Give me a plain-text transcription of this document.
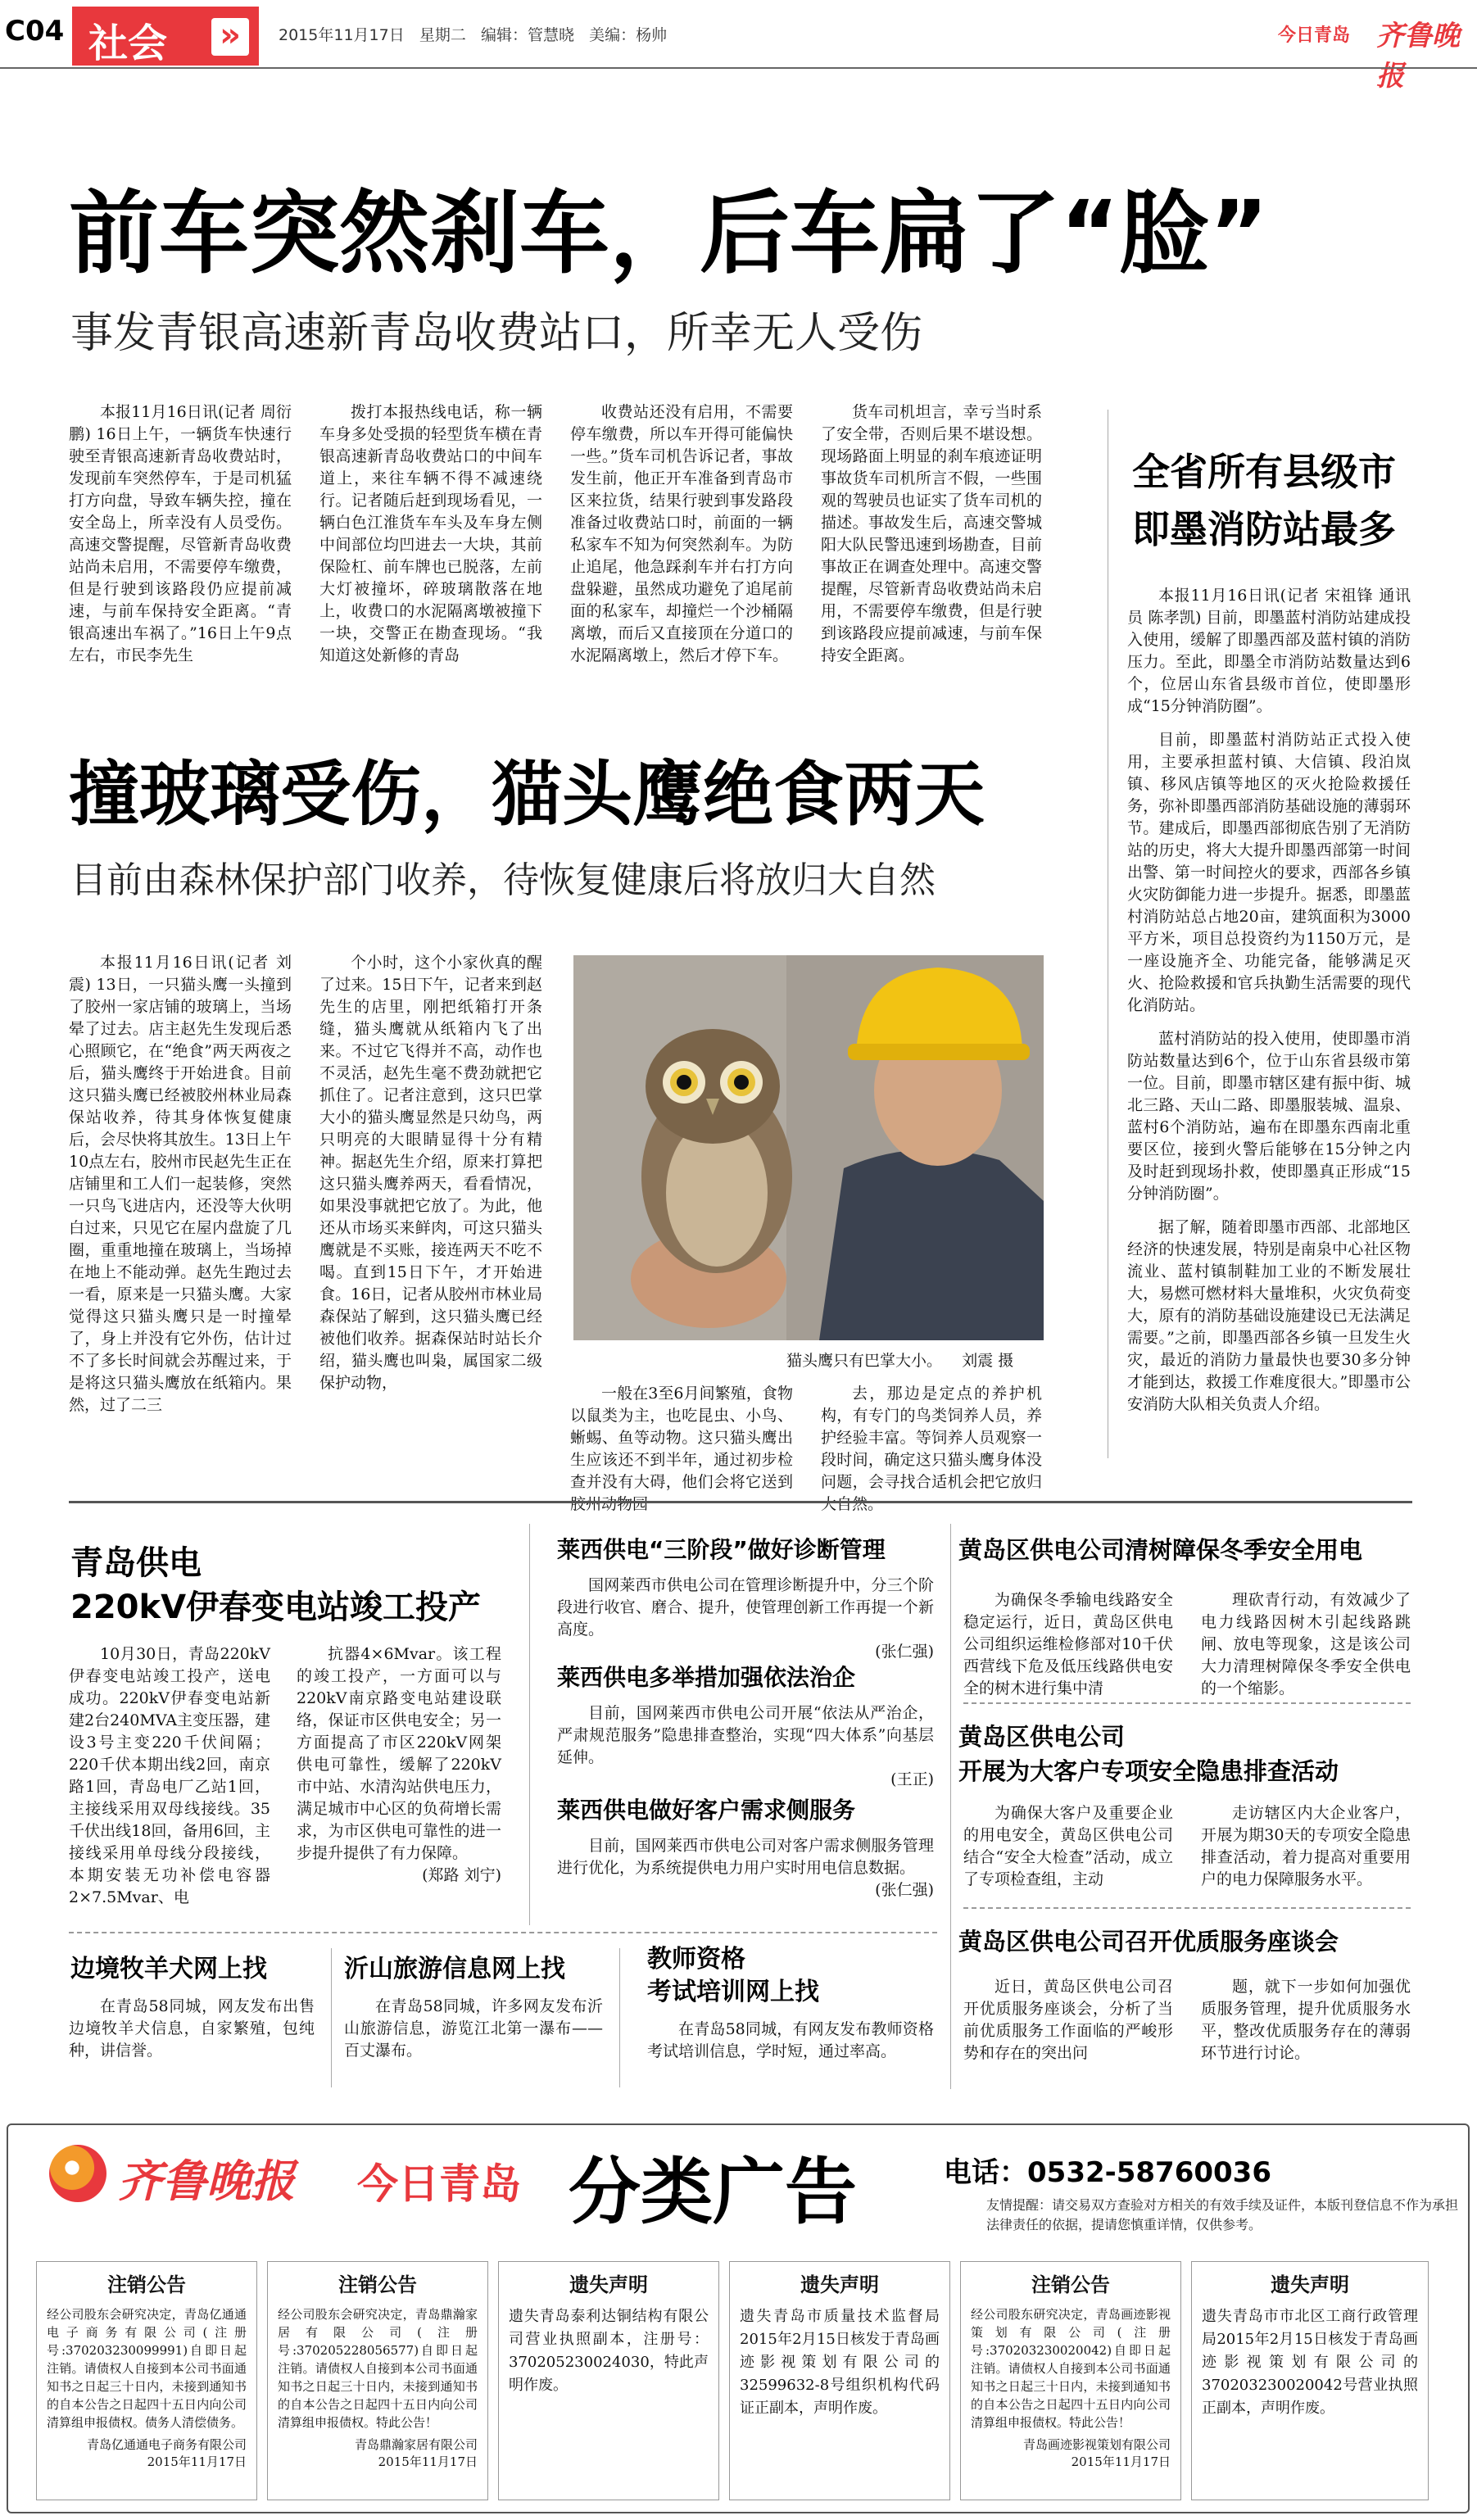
C04 社会 »	2015年11月17日 星期二 编辑：管慧晓 美编：杨帅	今日青岛 齐鲁晚报
前车突然刹车，后车扁了“脸”
事发青银高速新青岛收费站口，所幸无人受伤
本报11月16日讯(记者 周衍鹏) 16日上午，一辆货车快速行驶至青银高速新青岛收费站时，发现前车突然停车，于是司机猛打方向盘，导致车辆失控，撞在安全岛上，所幸没有人员受伤。高速交警提醒，尽管新青岛收费站尚未启用，不需要停车缴费，但是行驶到该路段仍应提前减速，与前车保持安全距离。“青银高速出车祸了。”16日上午9点左右，市民李先生
拨打本报热线电话，称一辆车身多处受损的轻型货车横在青银高速新青岛收费站口的中间车道上，来往车辆不得不减速绕行。记者随后赶到现场看见，一辆白色江淮货车车头及车身左侧中间部位均凹进去一大块，其前保险杠、前车牌也已脱落，左前大灯被撞坏，碎玻璃散落在地上，收费口的水泥隔离墩被撞下一块，交警正在勘查现场。“我知道这处新修的青岛
收费站还没有启用，不需要停车缴费，所以车开得可能偏快一些。”货车司机告诉记者，事故发生前，他正开车准备到青岛市区来拉货，结果行驶到事发路段准备过收费站口时，前面的一辆私家车不知为何突然刹车。为防止追尾，他急踩刹车并右打方向盘躲避，虽然成功避免了追尾前面的私家车，却撞烂一个沙桶隔离墩，而后又直接顶在分道口的水泥隔离墩上，然后才停下车。
货车司机坦言，幸亏当时系了安全带，否则后果不堪设想。现场路面上明显的刹车痕迹证明事故货车司机所言不假，一些围观的驾驶员也证实了货车司机的描述。事故发生后，高速交警城阳大队民警迅速到场勘查，目前事故正在调查处理中。高速交警提醒，尽管新青岛收费站尚未启用，不需要停车缴费，但是行驶到该路段应提前减速，与前车保持安全距离。
全省所有县级市
即墨消防站最多

本报11月16日讯(记者 宋祖锋 通讯员 陈孝凯) 目前，即墨蓝村消防站建成投入使用，缓解了即墨西部及蓝村镇的消防压力。至此，即墨全市消防站数量达到6个，位居山东省县级市首位，使即墨形成“15分钟消防圈”。

目前，即墨蓝村消防站正式投入使用，主要承担蓝村镇、大信镇、段泊岚镇、移风店镇等地区的灭火抢险救援任务，弥补即墨西部消防基础设施的薄弱环节。建成后，即墨西部彻底告别了无消防站的历史，将大大提升即墨西部第一时间出警、第一时间控火的要求，西部各乡镇火灾防御能力进一步提升。据悉，即墨蓝村消防站总占地20亩，建筑面积为3000平方米，项目总投资约为1150万元，是一座设施齐全、功能完备，能够满足灭火、抢险救援和官兵执勤生活需要的现代化消防站。

蓝村消防站的投入使用，使即墨市消防站数量达到6个，位于山东省县级市第一位。目前，即墨市辖区建有振中街、城北三路、天山二路、即墨服装城、温泉、蓝村6个消防站，遍布在即墨东西南北重要区位，接到火警后能够在15分钟之内及时赶到现场扑救，使即墨真正形成“15分钟消防圈”。

据了解，随着即墨市西部、北部地区经济的快速发展，特别是南泉中心社区物流业、蓝村镇制鞋加工业的不断发展壮大，易燃可燃材料大量堆积，火灾负荷变大，原有的消防基础设施建设已无法满足需要。”之前，即墨西部各乡镇一旦发生火灾，最近的消防力量最快也要30多分钟才能到达，救援工作难度很大。”即墨市公安消防大队相关负责人介绍。

撞玻璃受伤，猫头鹰绝食两天
目前由森林保护部门收养，待恢复健康后将放归大自然
本报11月16日讯(记者 刘震) 13日，一只猫头鹰一头撞到了胶州一家店铺的玻璃上，当场晕了过去。店主赵先生发现后悉心照顾它，在“绝食”两天两夜之后，猫头鹰终于开始进食。目前这只猫头鹰已经被胶州林业局森保站收养，待其身体恢复健康后，会尽快将其放生。13日上午10点左右，胶州市民赵先生正在店铺里和工人们一起装修，突然一只鸟飞进店内，还没等大伙明白过来，只见它在屋内盘旋了几圈，重重地撞在玻璃上，当场掉在地上不能动弹。赵先生跑过去一看，原来是一只猫头鹰。大家觉得这只猫头鹰只是一时撞晕了，身上并没有它外伤，估计过不了多长时间就会苏醒过来，于是将这只猫头鹰放在纸箱内。果然，过了二三
个小时，这个小家伙真的醒了过来。15日下午，记者来到赵先生的店里，刚把纸箱打开条缝，猫头鹰就从纸箱内飞了出来。不过它飞得并不高，动作也不灵活，赵先生毫不费劲就把它抓住了。记者注意到，这只巴掌大小的猫头鹰显然是只幼鸟，两只明亮的大眼睛显得十分有精神。据赵先生介绍，原来打算把这只猫头鹰养两天，看看情况，如果没事就把它放了。为此，他还从市场买来鲜肉，可这只猫头鹰就是不买账，接连两天不吃不喝。直到15日下午，才开始进食。16日，记者从胶州市林业局森保站了解到，这只猫头鹰已经被他们收养。据森保站时站长介绍，猫头鹰也叫枭，属国家二级保护动物，
猫头鹰只有巴掌大小。 刘震 摄
一般在3至6月间繁殖，食物以鼠类为主，也吃昆虫、小鸟、蜥蜴、鱼等动物。这只猫头鹰出生应该还不到半年，通过初步检查并没有大碍，他们会将它送到胶州动物园
去，那边是定点的养护机构，有专门的鸟类饲养人员，养护经验丰富。等饲养人员观察一段时间，确定这只猫头鹰身体没问题，会寻找合适机会把它放归大自然。
青岛供电
220kV伊春变电站竣工投产
10月30日，青岛220kV伊春变电站竣工投产，送电成功。220kV伊春变电站新建2台240MVA主变压器，建设3号主变220千伏间隔；220千伏本期出线2回，南京路1回，青岛电厂乙站1回，主接线采用双母线接线。35千伏出线18回，备用6回，主接线采用单母线分段接线，本期安装无功补偿电容器2×7.5Mvar、电
抗器4×6Mvar。该工程的竣工投产，一方面可以与220kV南京路变电站建设联络，保证市区供电安全；另一方面提高了市区220kV网架供电可靠性，缓解了220kV市中站、水清沟站供电压力，满足城市中心区的负荷增长需求，为市区供电可靠性的进一步提升提供了有力保障。
(郑路 刘宁)
莱西供电“三阶段”做好诊断管理
国网莱西市供电公司在管理诊断提升中，分三个阶段进行收官、磨合、提升，使管理创新工作再提一个新高度。
(张仁强)
莱西供电多举措加强依法治企
目前，国网莱西市供电公司开展“依法从严治企，严肃规范服务”隐患排查整治，实现“四大体系”向基层延伸。
(王正)
莱西供电做好客户需求侧服务
目前，国网莱西市供电公司对客户需求侧服务管理进行优化，为系统提供电力用户实时用电信息数据。
(张仁强)
黄岛区供电公司清树障保冬季安全用电
为确保冬季输电线路安全稳定运行，近日，黄岛区供电公司组织运维检修部对10千伏西营线下危及低压线路供电安全的树木进行集中清
理砍青行动，有效减少了电力线路因树木引起线路跳闸、放电等现象，这是该公司大力清理树障保冬季安全供电的一个缩影。
黄岛区供电公司
开展为大客户专项安全隐患排查活动
为确保大客户及重要企业的用电安全，黄岛区供电公司结合“安全大检查”活动，成立了专项检查组，主动
走访辖区内大企业客户，开展为期30天的专项安全隐患排查活动，着力提高对重要用户的电力保障服务水平。
黄岛区供电公司召开优质服务座谈会
近日，黄岛区供电公司召开优质服务座谈会，分析了当前优质服务工作面临的严峻形势和存在的突出问
题，就下一步如何加强优质服务管理，提升优质服务水平，整改优质服务存在的薄弱环节进行讨论。
边境牧羊犬网上找
在青岛58同城，网友发布出售边境牧羊犬信息，自家繁殖，包纯种，讲信誉。
沂山旅游信息网上找
在青岛58同城，许多网友发布沂山旅游信息，游览江北第一瀑布——百丈瀑布。
教师资格
考试培训网上找
在青岛58同城，有网友发布教师资格考试培训信息，学时短，通过率高。
齐鲁晚报 今日青岛 分类广告	电话：0532-58760036
友情提醒：请交易双方查验对方相关的有效手续及证件，本版刊登信息不作为承担法律责任的依据，提请您慎重详情，仅供参考。
注销公告
经公司股东会研究决定，青岛亿通通电子商务有限公司(注册号:370203230099991)自即日起注销。请债权人自接到本公司书面通知书之日起三十日内，未接到通知书的自本公告之日起四十五日内向公司清算组申报债权。债务人清偿债务。
青岛亿通通电子商务有限公司
2015年11月17日
注销公告
经公司股东会研究决定，青岛鼎瀚家居有限公司(注册号:370205228056577)自即日起注销。请债权人自接到本公司书面通知书之日起三十日内，未接到通知书的自本公告之日起四十五日内向公司清算组申报债权。特此公告！
青岛鼎瀚家居有限公司
2015年11月17日
遗失声明
遗失青岛泰利达铜结构有限公司营业执照副本，注册号：370205230024030，特此声明作废。
遗失声明
遗失青岛市质量技术监督局2015年2月15日核发于青岛画迹影视策划有限公司的32599632-8号组织机构代码证正副本，声明作废。
注销公告
经公司股东研究决定，青岛画迹影视策划有限公司(注册号:370203230020042)自即日起注销。请债权人自接到本公司书面通知书之日起三十日内，未接到通知书的自本公告之日起四十五日内向公司清算组申报债权。特此公告！
青岛画迹影视策划有限公司
2015年11月17日
遗失声明
遗失青岛市市北区工商行政管理局2015年2月15日核发于青岛画迹影视策划有限公司的370203230020042号营业执照正副本，声明作废。
